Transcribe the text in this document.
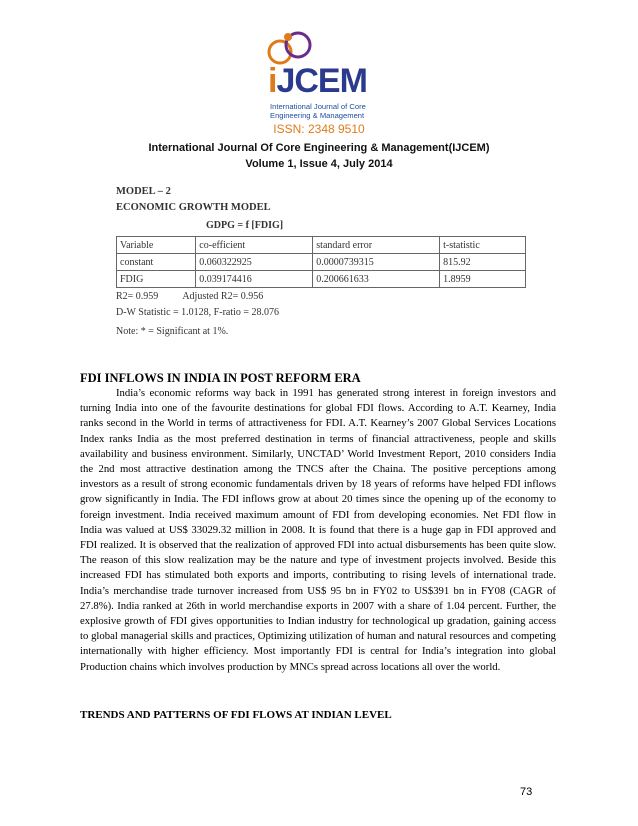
iJCEM
International Journal of Core
Engineering & Management
ISSN: 2348 9510
International Journal Of Core Engineering & Management(IJCEM)
Volume 1, Issue 4, July 2014
MODEL – 2
ECONOMIC GROWTH MODEL
GDPG = f [FDIG]
Variable	co-efficient	standard error	t-statistic
constant	0.060322925	0.0000739315	815.92
FDIG	0.039174416	0.200661633	1.8959
R2= 0.959 Adjusted R2= 0.956
D-W Statistic = 1.0128, F-ratio = 28.076
Note: * = Significant at 1%.
FDI INFLOWS IN INDIA IN POST REFORM ERA
India’s economic reforms way back in 1991 has generated strong interest in foreign investors and turning India into one of the favourite destinations for global FDI flows. According to A.T. Kearney, India ranks second in the World in terms of attractiveness for FDI. A.T. Kearney’s 2007 Global Services Locations Index ranks India as the most preferred destination in terms of financial attractiveness, people and skills availability and business environment. Similarly, UNCTAD’ World Investment Report, 2010 considers India the 2nd most attractive destination among the TNCS after the Chaina. The positive perceptions among investors as a result of strong economic fundamentals driven by 18 years of reforms have helped FDI inflows grow significantly in India. The FDI inflows grow at about 20 times since the opening up of the economy to foreign investment. India received maximum amount of FDI from developing economies. Net FDI flow in India was valued at US$ 33029.32 million in 2008. It is found that there is a huge gap in FDI approved and FDI realized. It is observed that the realization of approved FDI into actual disbursements has been quite slow. The reason of this slow realization may be the nature and type of investment projects involved. Beside this increased FDI has stimulated both exports and imports, contributing to rising levels of international trade. India’s merchandise trade turnover increased from US$ 95 bn in FY02 to US$391 bn in FY08 (CAGR of 27.8%). India ranked at 26th in world merchandise exports in 2007 with a share of 1.04 percent. Further, the explosive growth of FDI gives opportunities to Indian industry for technological up gradation, gaining access to global managerial skills and practices, Optimizing utilization of human and natural resources and competing internationally with higher efficiency. Most importantly FDI is central for India’s integration into global Production chains which involves production by MNCs spread across locations all over the world.
TRENDS AND PATTERNS OF FDI FLOWS AT INDIAN LEVEL
73
